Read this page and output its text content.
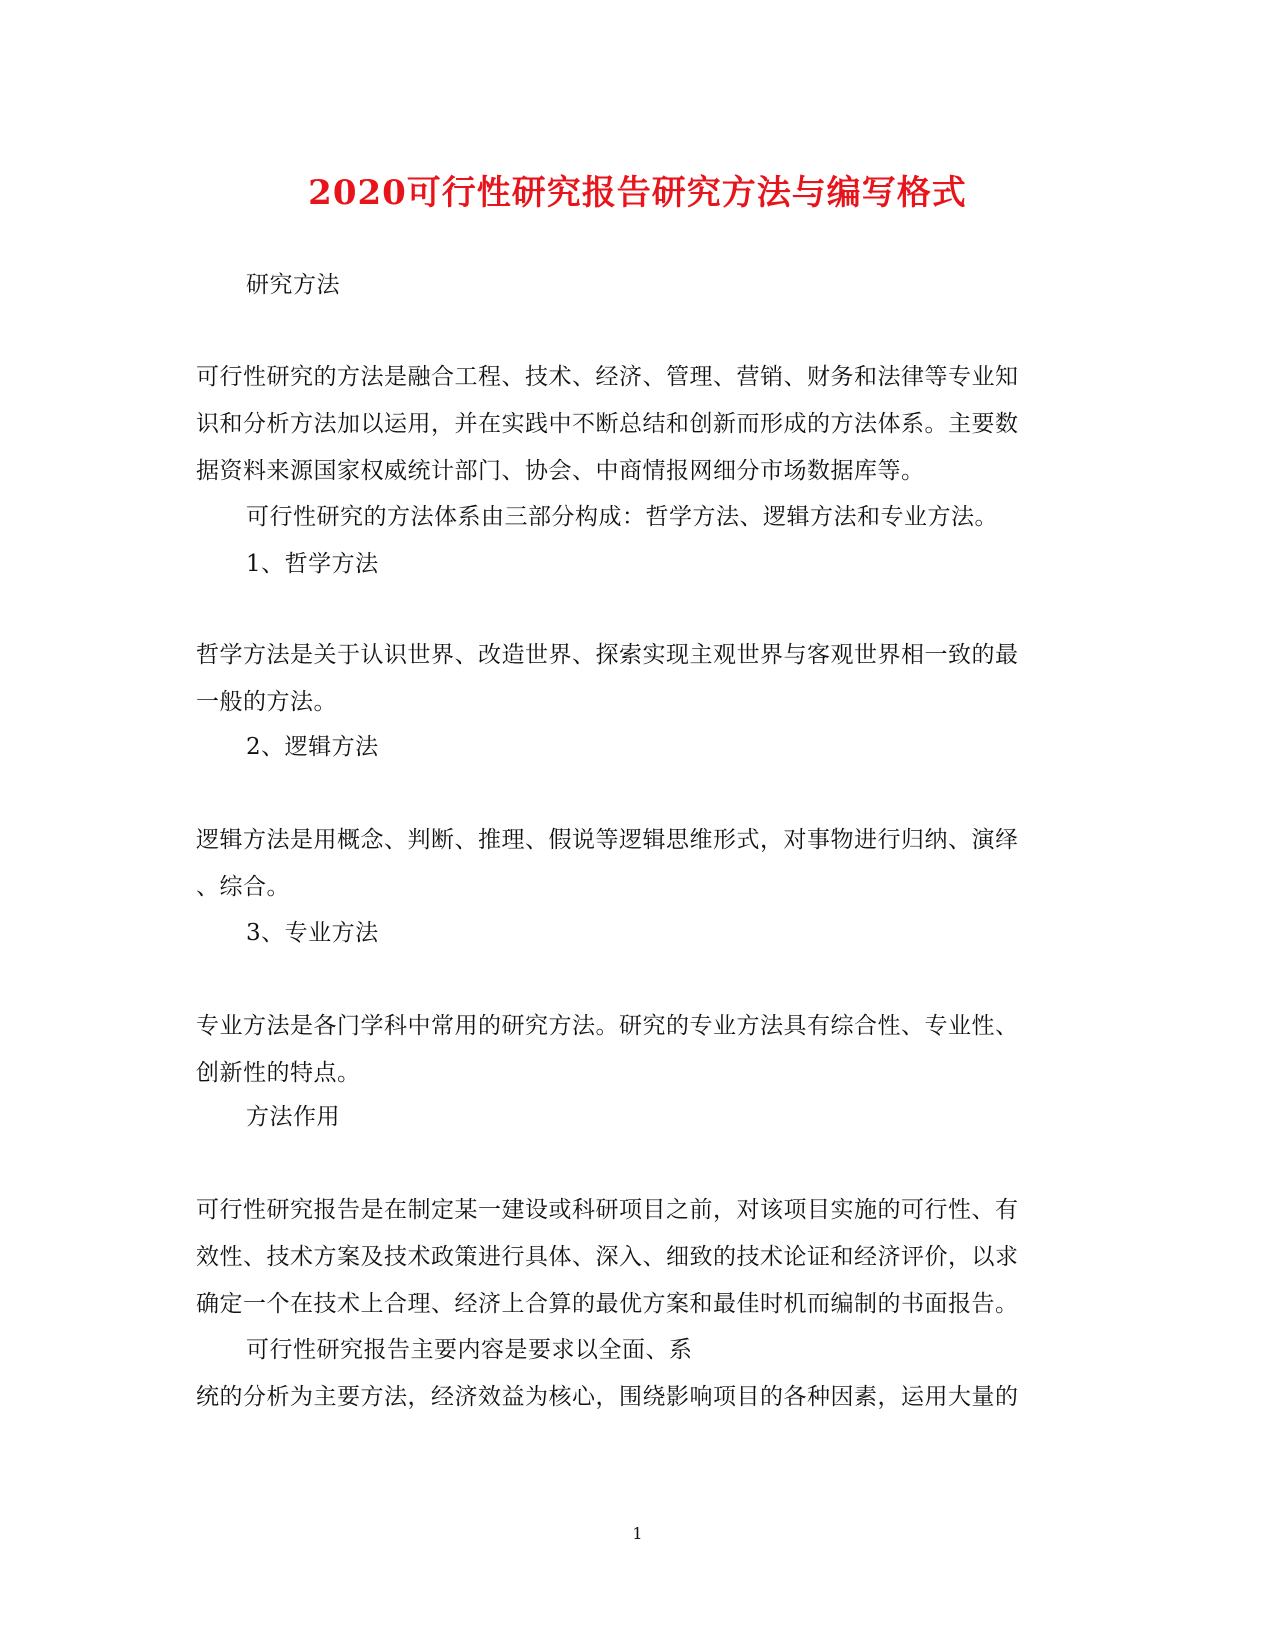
2020可行性研究报告研究方法与编写格式
研究方法
可行性研究的方法是融合工程、技术、经济、管理、营销、财务和法律等专业知
识和分析方法加以运用，并在实践中不断总结和创新而形成的方法体系。主要数
据资料来源国家权威统计部门、协会、中商情报网细分市场数据库等。
可行性研究的方法体系由三部分构成：哲学方法、逻辑方法和专业方法。
1、哲学方法
哲学方法是关于认识世界、改造世界、探索实现主观世界与客观世界相一致的最
一般的方法。
2、逻辑方法
逻辑方法是用概念、判断、推理、假说等逻辑思维形式，对事物进行归纳、演绎
、综合。
3、专业方法
专业方法是各门学科中常用的研究方法。研究的专业方法具有综合性、专业性、
创新性的特点。
方法作用
可行性研究报告是在制定某一建设或科研项目之前，对该项目实施的可行性、有
效性、技术方案及技术政策进行具体、深入、细致的技术论证和经济评价，以求
确定一个在技术上合理、经济上合算的最优方案和最佳时机而编制的书面报告。
可行性研究报告主要内容是要求以全面、系
统的分析为主要方法，经济效益为核心，围绕影响项目的各种因素，运用大量的
1
